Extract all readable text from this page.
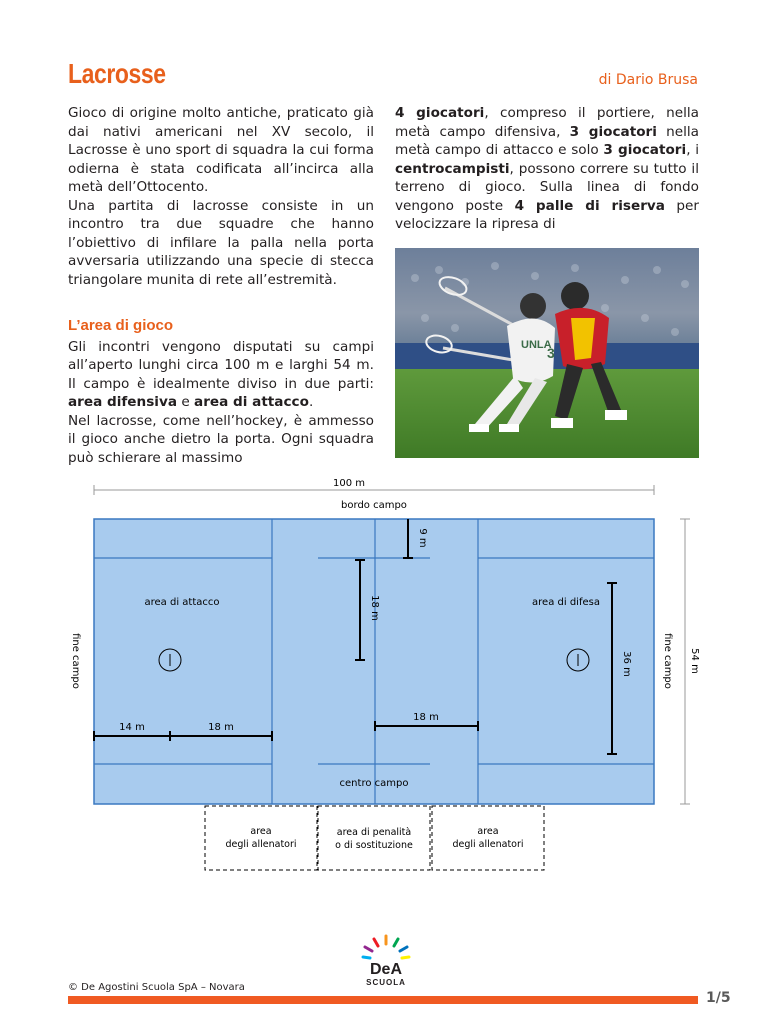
Lacrosse	di Dario Brusa

Gioco di origine molto antiche, praticato già dai nativi americani nel XV secolo, il Lacrosse è uno sport di squadra la cui forma odierna è stata codificata all’incirca alla metà dell’Ottocento.

Una partita di lacrosse consiste in un incontro tra due squadre che hanno l’obiettivo di infilare la palla nella porta avversaria utilizzando una specie di stecca triangolare munita di rete all’estremità.

L’area di gioco

Gli incontri vengono disputati su campi all’aperto lunghi circa 100 m e larghi 54 m. Il campo è idealmente diviso in due parti: area difensiva e area di attacco.

Nel lacrosse, come nell’hockey, è ammesso il gioco anche dietro la porta. Ogni squadra può schierare al massimo

4 giocatori, compreso il portiere, nella metà campo difensiva, 3 giocatori nella metà campo di attacco e solo 3 giocatori, i centrocampisti, possono correre su tutto il terreno di gioco. Sulla linea di fondo vengono poste 4 palle di riserva per velocizzare la ripresa di

UNLA
3
100 m
bordo campo
area di attacco	area di difesa
centro campo
fine campo	fine campo 54 m
9 m
18 m
36 m
14 m	18 m
18 m
area
degli allenatori
area di penalità
o di sostituzione
area
degli allenatori
DeA
SCUOLA
© De Agostini Scuola SpA – Novara
1/5
